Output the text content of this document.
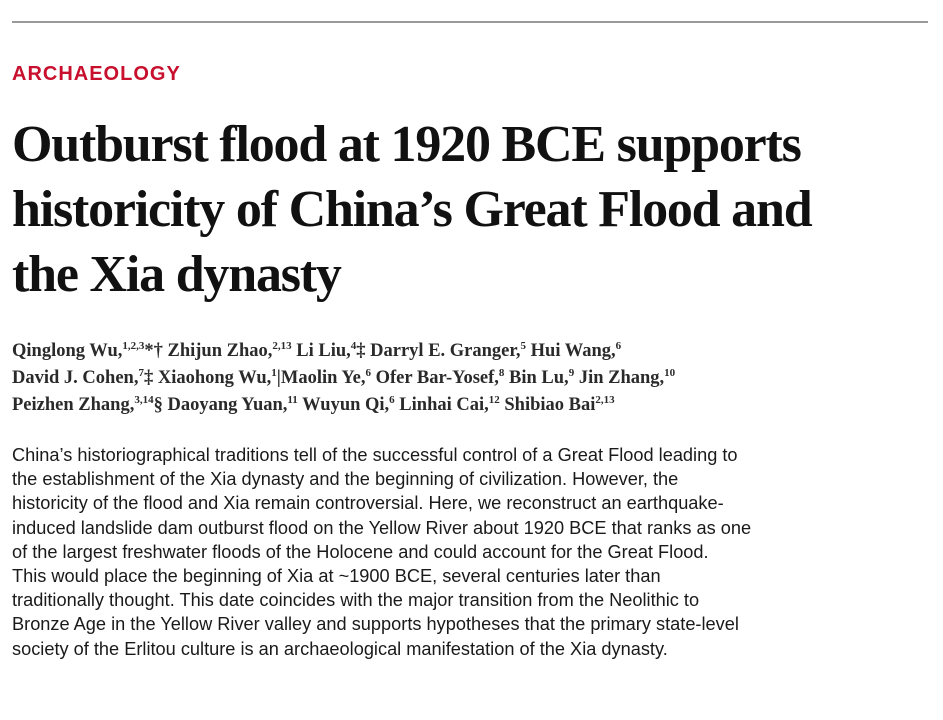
ARCHAEOLOGY
Outburst flood at 1920 BCE supports
historicity of China’s Great Flood and
the Xia dynasty
Qinglong Wu,$^{1,2,3}$*† Zhijun Zhao,$^{2,13}$ Li Liu,$^4$‡ Darryl E. Granger,$^5$ Hui Wang,$^6$
David J. Cohen,$^7$‡ Xiaohong Wu,$^1$|Maolin Ye,$^6$ Ofer Bar-Yosef,$^8$ Bin Lu,$^9$ Jin Zhang,$^{10}$
Peizhen Zhang,$^{3,14}$§ Daoyang Yuan,$^{11}$ Wuyun Qi,$^6$ Linhai Cai,$^{12}$ Shibiao Bai$^{2,13}$
China’s historiographical traditions tell of the successful control of a Great Flood leading to
the establishment of the Xia dynasty and the beginning of civilization. However, the
historicity of the flood and Xia remain controversial. Here, we reconstruct an earthquake-
induced landslide dam outburst flood on the Yellow River about 1920 BCE that ranks as one
of the largest freshwater floods of the Holocene and could account for the Great Flood.
This would place the beginning of Xia at ~1900 BCE, several centuries later than
traditionally thought. This date coincides with the major transition from the Neolithic to
Bronze Age in the Yellow River valley and supports hypotheses that the primary state-level
society of the Erlitou culture is an archaeological manifestation of the Xia dynasty.
